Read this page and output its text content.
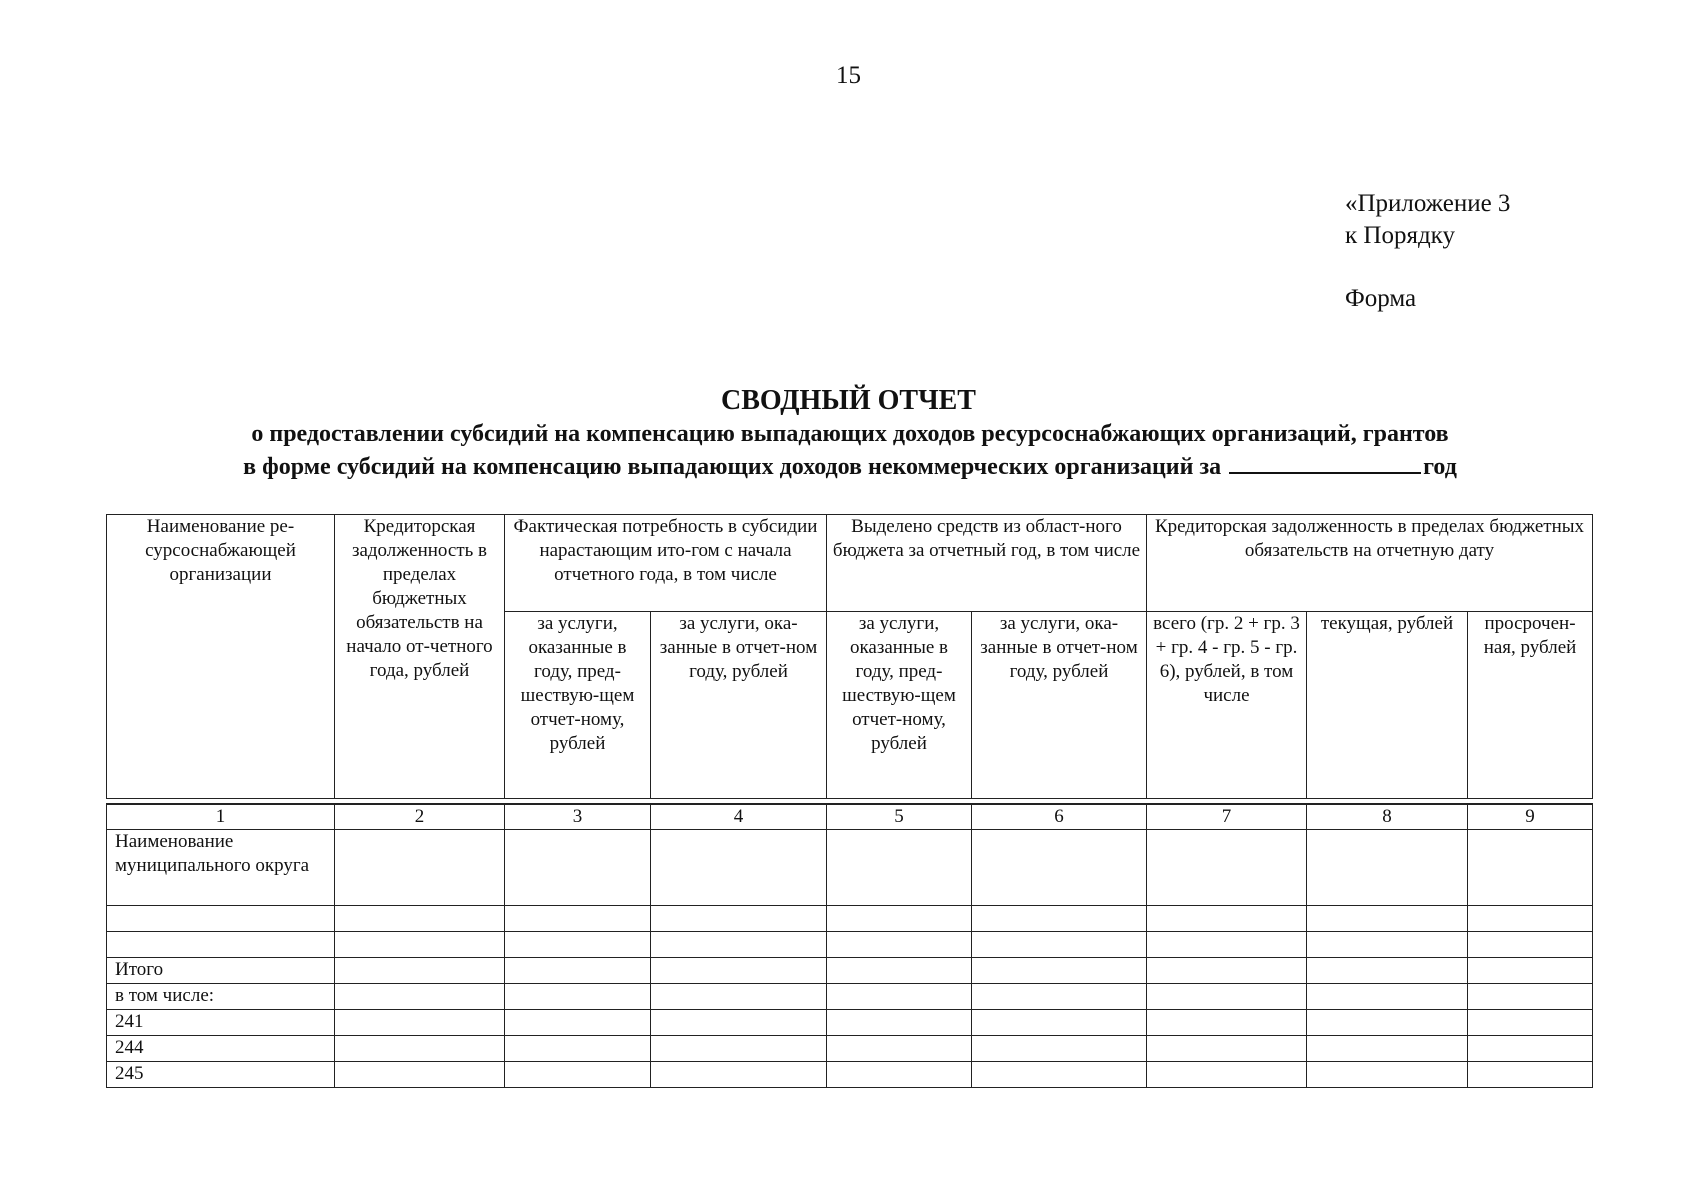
15
«Приложение 3
к Порядку
Форма
СВОДНЫЙ ОТЧЕТ
о предоставлении субсидий на компенсацию выпадающих доходов ресурсоснабжающих организаций, грантов
в форме субсидий на компенсацию выпадающих доходов некоммерческих организаций за	год
Наименование ре-сурсоснабжающей организации	Кредиторская задолженность в пределах бюджетных обязательств на начало от-четного года, рублей	Фактическая потребность в субсидии нарастающим ито-гом с начала отчетного года, в том числе		Выделено средств из област-ного бюджета за отчетный год, в том числе		Кредиторская задолженность в пределах бюджетных обязательств на отчетную дату		
		за услуги, оказанные в году, пред-шествую-щем отчет-ному, рублей	за услуги, ока-занные в отчет-ном году, рублей	за услуги, оказанные в году, пред-шествую-щем отчет-ному, рублей	за услуги, ока-занные в отчет-ном году, рублей	всего (гр. 2 + гр. 3 + гр. 4 - гр. 5 - гр. 6), рублей, в том числе	текущая, рублей	просрочен-ная, рублей
1	2	3	4	5	6	7	8	9
Наименование муниципального округа								

Итого								
в том числе:								
241								
244								
245								
